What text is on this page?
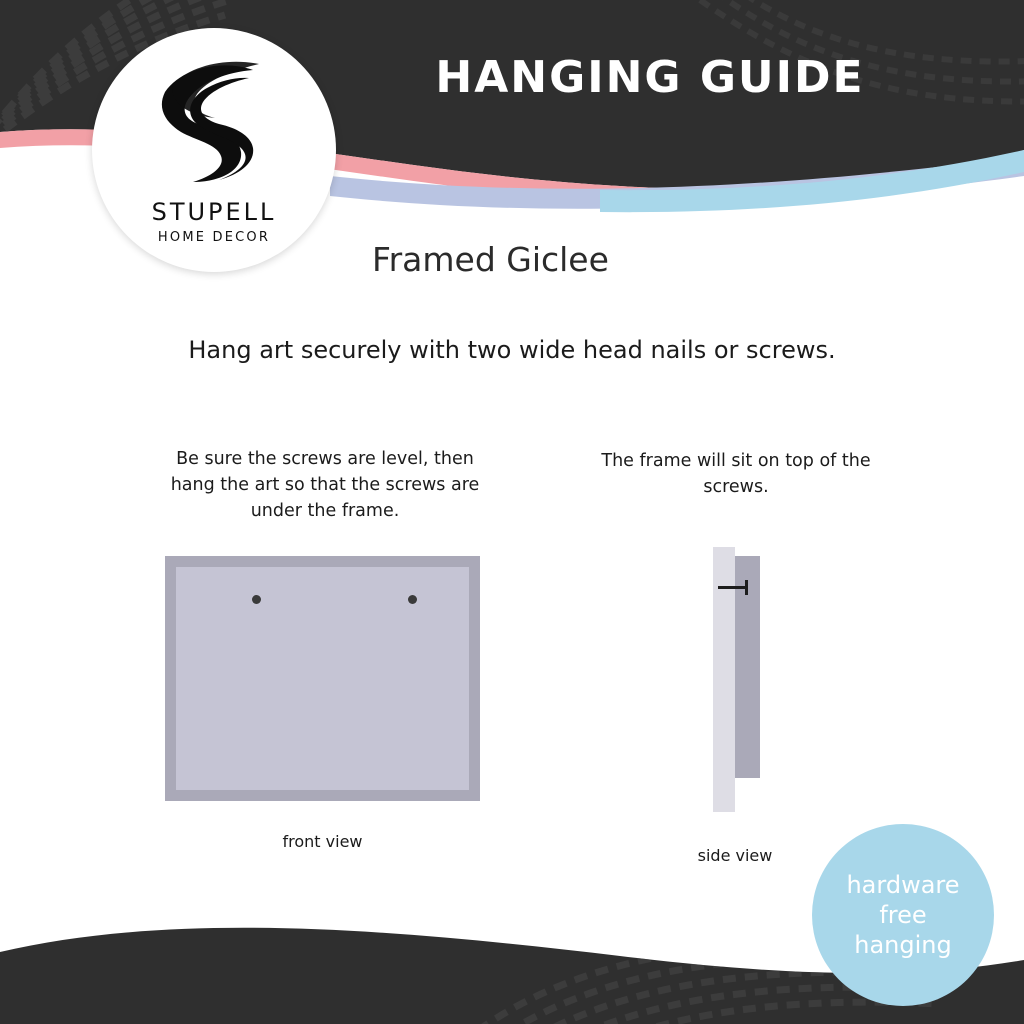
HANGING GUIDE
STUPELL
HOME DECOR
Framed Giclee
Hang art securely with two wide head nails or screws.
Be sure the screws are level, then hang the art so that the screws are under the frame.
The frame will sit on top of the screws.
front view
side view
hardware
free
hanging
